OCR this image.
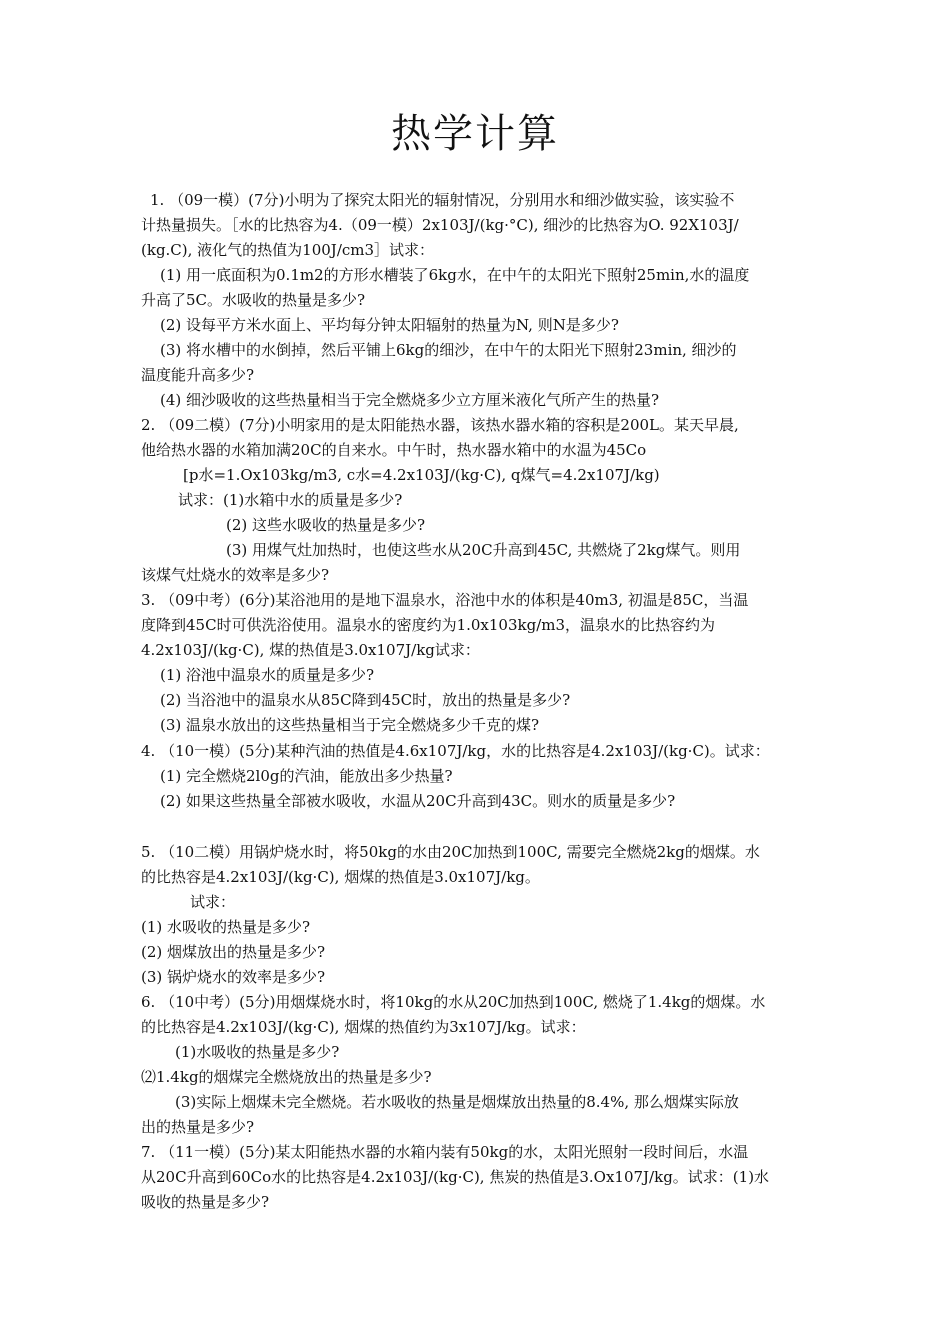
热学计算
1. （09一模）(7分)小明为了探究太阳光的辐射情况，分别用水和细沙做实验，该实验不
计热量损失。［水的比热容为4.（09一模）2x103J/(kg·°C), 细沙的比热容为O. 92X103J/
(kg.C), 液化气的热值为100J/cm3］试求：
(1) 用一底面积为0.1m2的方形水槽装了6kg水，在中午的太阳光下照射25min,水的温度
升高了5C。水吸收的热量是多少?
(2) 设每平方米水面上、平均每分钟太阳辐射的热量为N, 则N是多少?
(3) 将水槽中的水倒掉，然后平铺上6kg的细沙，在中午的太阳光下照射23min, 细沙的
温度能升高多少?
(4) 细沙吸收的这些热量相当于完全燃烧多少立方厘米液化气所产生的热量?
2. （09二模）(7分)小明家用的是太阳能热水器，该热水器水箱的容积是200L。某天早晨,
他给热水器的水箱加满20C的自来水。中午时，热水器水箱中的水温为45Co
[p水=1.Ox103kg/m3, c水=4.2x103J/(kg·C), q煤气=4.2x107J/kg)
试求：(1)水箱中水的质量是多少?
(2) 这些水吸收的热量是多少?
(3) 用煤气灶加热时，也使这些水从20C升高到45C, 共燃烧了2kg煤气。则用
该煤气灶烧水的效率是多少?
3. （09中考）(6分)某浴池用的是地下温泉水，浴池中水的体积是40m3, 初温是85C，当温
度降到45C时可供洗浴使用。温泉水的密度约为1.0x103kg/m3，温泉水的比热容约为
4.2x103J/(kg·C), 煤的热值是3.0x107J/kg试求：
(1) 浴池中温泉水的质量是多少?
(2) 当浴池中的温泉水从85C降到45C时，放出的热量是多少?
(3) 温泉水放出的这些热量相当于完全燃烧多少千克的煤?
4. （10一模）(5分)某种汽油的热值是4.6x107J/kg，水的比热容是4.2x103J/(kg·C)。试求：
(1) 完全燃烧2l0g的汽油，能放出多少热量?
(2) 如果这些热量全部被水吸收，水温从20C升高到43C。则水的质量是多少?
5. （10二模）用锅炉烧水时，将50kg的水由20C加热到100C, 需要完全燃烧2kg的烟煤。水
的比热容是4.2x103J/(kg·C), 烟煤的热值是3.0x107J/kg。
试求：
(1) 水吸收的热量是多少?
(2) 烟煤放出的热量是多少?
(3) 锅炉烧水的效率是多少?
6. （10中考）(5分)用烟煤烧水时，将10kg的水从20C加热到100C, 燃烧了1.4kg的烟煤。水
的比热容是4.2x103J/(kg·C), 烟煤的热值约为3x107J/kg。试求：
(1)水吸收的热量是多少?
⑵1.4kg的烟煤完全燃烧放出的热量是多少?
(3)实际上烟煤未完全燃烧。若水吸收的热量是烟煤放出热量的8.4%, 那么烟煤实际放
出的热量是多少?
7. （11一模）(5分)某太阳能热水器的水箱内装有50kg的水，太阳光照射一段时间后，水温
从20C升高到60Co水的比热容是4.2x103J/(kg·C), 焦炭的热值是3.Ox107J/kg。试求：(1)水
吸收的热量是多少?
